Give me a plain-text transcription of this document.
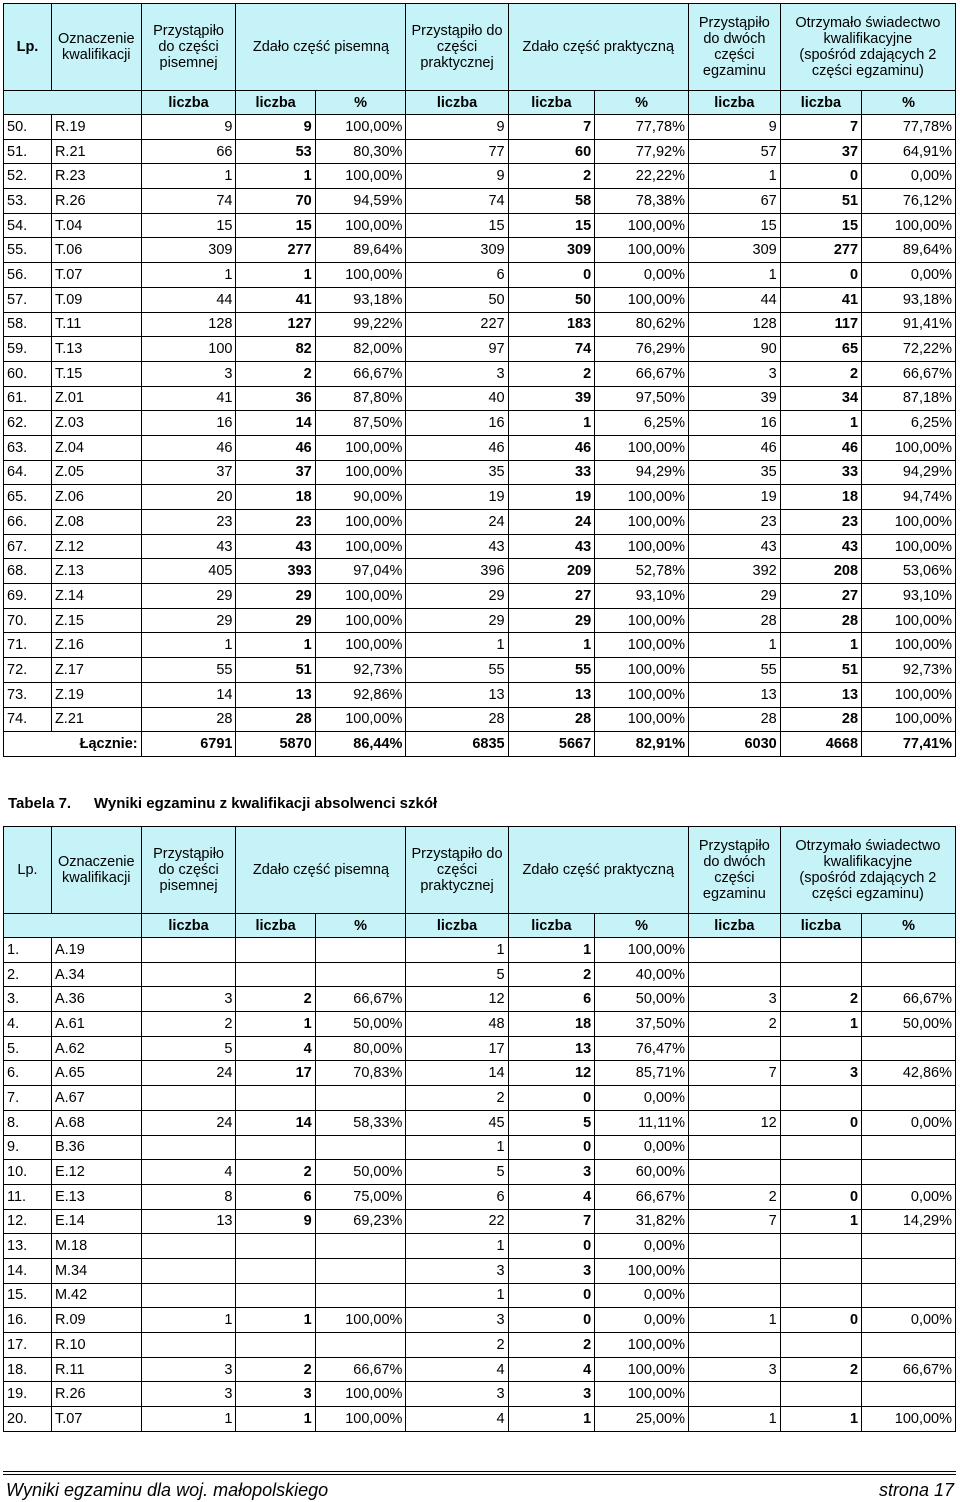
Lp.	Oznaczenie kwalifikacji	Przystąpiło do części pisemnej	Zdało część pisemną		Przystąpiło do części praktycznej	Zdało część praktyczną		Przystąpiło do dwóch części egzaminu	Otrzymało świadectwo kwalifikacyjne
(spośród zdających 2 części egzaminu)	
		liczba	liczba	%	liczba	liczba	%	liczba	liczba	%
50.	R.19	9	9	100,00%	9	7	77,78%	9	7	77,78%
51.	R.21	66	53	80,30%	77	60	77,92%	57	37	64,91%
52.	R.23	1	1	100,00%	9	2	22,22%	1	0	0,00%
53.	R.26	74	70	94,59%	74	58	78,38%	67	51	76,12%
54.	T.04	15	15	100,00%	15	15	100,00%	15	15	100,00%
55.	T.06	309	277	89,64%	309	309	100,00%	309	277	89,64%
56.	T.07	1	1	100,00%	6	0	0,00%	1	0	0,00%
57.	T.09	44	41	93,18%	50	50	100,00%	44	41	93,18%
58.	T.11	128	127	99,22%	227	183	80,62%	128	117	91,41%
59.	T.13	100	82	82,00%	97	74	76,29%	90	65	72,22%
60.	T.15	3	2	66,67%	3	2	66,67%	3	2	66,67%
61.	Z.01	41	36	87,80%	40	39	97,50%	39	34	87,18%
62.	Z.03	16	14	87,50%	16	1	6,25%	16	1	6,25%
63.	Z.04	46	46	100,00%	46	46	100,00%	46	46	100,00%
64.	Z.05	37	37	100,00%	35	33	94,29%	35	33	94,29%
65.	Z.06	20	18	90,00%	19	19	100,00%	19	18	94,74%
66.	Z.08	23	23	100,00%	24	24	100,00%	23	23	100,00%
67.	Z.12	43	43	100,00%	43	43	100,00%	43	43	100,00%
68.	Z.13	405	393	97,04%	396	209	52,78%	392	208	53,06%
69.	Z.14	29	29	100,00%	29	27	93,10%	29	27	93,10%
70.	Z.15	29	29	100,00%	29	29	100,00%	28	28	100,00%
71.	Z.16	1	1	100,00%	1	1	100,00%	1	1	100,00%
72.	Z.17	55	51	92,73%	55	55	100,00%	55	51	92,73%
73.	Z.19	14	13	92,86%	13	13	100,00%	13	13	100,00%
74.	Z.21	28	28	100,00%	28	28	100,00%	28	28	100,00%
Łącznie:		6791	5870	86,44%	6835	5667	82,91%	6030	4668	77,41%
Tabela 7. Wyniki egzaminu z kwalifikacji absolwenci szkół
Lp.	Oznaczenie kwalifikacji	Przystąpiło do części pisemnej	Zdało część pisemną		Przystąpiło do części praktycznej	Zdało część praktyczną		Przystąpiło do dwóch części egzaminu	Otrzymało świadectwo kwalifikacyjne
(spośród zdających 2 części egzaminu)	
		liczba	liczba	%	liczba	liczba	%	liczba	liczba	%
1.	A.19				1	1	100,00%			
2.	A.34				5	2	40,00%			
3.	A.36	3	2	66,67%	12	6	50,00%	3	2	66,67%
4.	A.61	2	1	50,00%	48	18	37,50%	2	1	50,00%
5.	A.62	5	4	80,00%	17	13	76,47%			
6.	A.65	24	17	70,83%	14	12	85,71%	7	3	42,86%
7.	A.67				2	0	0,00%			
8.	A.68	24	14	58,33%	45	5	11,11%	12	0	0,00%
9.	B.36				1	0	0,00%			
10.	E.12	4	2	50,00%	5	3	60,00%			
11.	E.13	8	6	75,00%	6	4	66,67%	2	0	0,00%
12.	E.14	13	9	69,23%	22	7	31,82%	7	1	14,29%
13.	M.18				1	0	0,00%			
14.	M.34				3	3	100,00%			
15.	M.42				1	0	0,00%			
16.	R.09	1	1	100,00%	3	0	0,00%	1	0	0,00%
17.	R.10				2	2	100,00%			
18.	R.11	3	2	66,67%	4	4	100,00%	3	2	66,67%
19.	R.26	3	3	100,00%	3	3	100,00%			
20.	T.07	1	1	100,00%	4	1	25,00%	1	1	100,00%
Wyniki egzaminu dla woj. małopolskiego	strona 17
